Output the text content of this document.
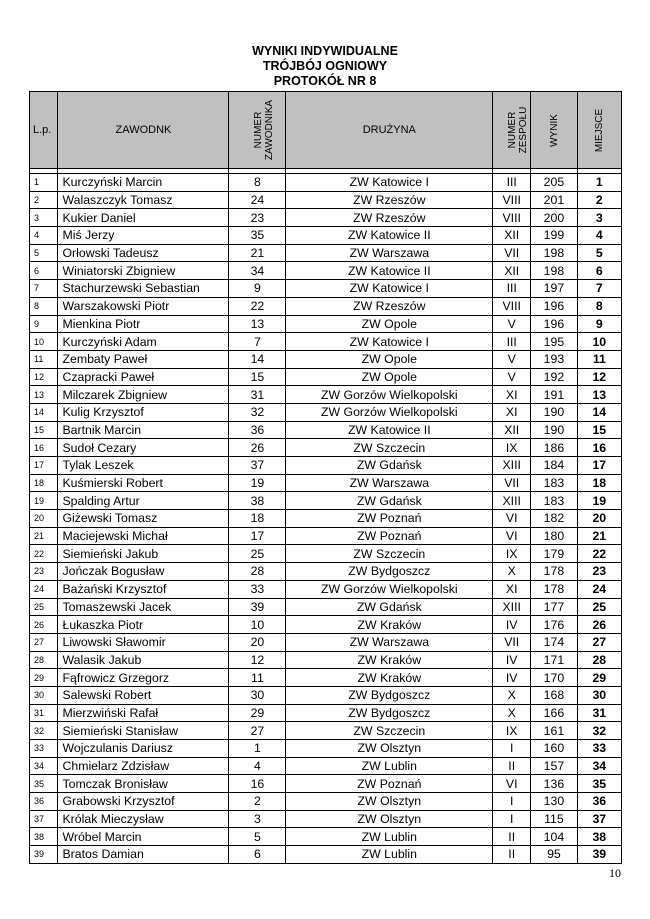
WYNIKI INDYWIDUALNE
TRÓJBÓJ OGNIOWY
PROTOKÓŁ NR 8
L.p.	ZAWODNK	NUMER ZAWODNIKA	DRUŻYNA	NUMER ZESPOŁU	WYNIK	MIEJSCE

1	Kurczyński Marcin	8	ZW Katowice I	III	205	1
2	Walaszczyk Tomasz	24	ZW Rzeszów	VIII	201	2
3	Kukier Daniel	23	ZW Rzeszów	VIII	200	3
4	Miś Jerzy	35	ZW Katowice II	XII	199	4
5	Orłowski Tadeusz	21	ZW Warszawa	VII	198	5
6	Winiatorski Zbigniew	34	ZW Katowice II	XII	198	6
7	Stachurzewski Sebastian	9	ZW Katowice I	III	197	7
8	Warszakowski Piotr	22	ZW Rzeszów	VIII	196	8
9	Mienkina Piotr	13	ZW Opole	V	196	9
10	Kurczyński Adam	7	ZW Katowice I	III	195	10
11	Zembaty Paweł	14	ZW Opole	V	193	11
12	Czapracki Paweł	15	ZW Opole	V	192	12
13	Milczarek Zbigniew	31	ZW Gorzów Wielkopolski	XI	191	13
14	Kulig Krzysztof	32	ZW Gorzów Wielkopolski	XI	190	14
15	Bartnik Marcin	36	ZW Katowice II	XII	190	15
16	Sudoł Cezary	26	ZW Szczecin	IX	186	16
17	Tylak Leszek	37	ZW Gdańsk	XIII	184	17
18	Kuśmierski Robert	19	ZW Warszawa	VII	183	18
19	Spalding Artur	38	ZW Gdańsk	XIII	183	19
20	Giżewski Tomasz	18	ZW Poznań	VI	182	20
21	Maciejewski Michał	17	ZW Poznań	VI	180	21
22	Siemieński Jakub	25	ZW Szczecin	IX	179	22
23	Jończak Bogusław	28	ZW Bydgoszcz	X	178	23
24	Bażański Krzysztof	33	ZW Gorzów Wielkopolski	XI	178	24
25	Tomaszewski Jacek	39	ZW Gdańsk	XIII	177	25
26	Łukaszka Piotr	10	ZW Kraków	IV	176	26
27	Liwowski Sławomir	20	ZW Warszawa	VII	174	27
28	Walasik Jakub	12	ZW Kraków	IV	171	28
29	Fąfrowicz Grzegorz	11	ZW Kraków	IV	170	29
30	Salewski Robert	30	ZW Bydgoszcz	X	168	30
31	Mierzwiński Rafał	29	ZW Bydgoszcz	X	166	31
32	Siemieński Stanisław	27	ZW Szczecin	IX	161	32
33	Wojczulanis Dariusz	1	ZW Olsztyn	I	160	33
34	Chmielarz Zdzisław	4	ZW Lublin	II	157	34
35	Tomczak Bronisław	16	ZW Poznań	VI	136	35
36	Grabowski Krzysztof	2	ZW Olsztyn	I	130	36
37	Królak Mieczysław	3	ZW Olsztyn	I	115	37
38	Wróbel Marcin	5	ZW Lublin	II	104	38
39	Bratos Damian	6	ZW Lublin	II	95	39
10
